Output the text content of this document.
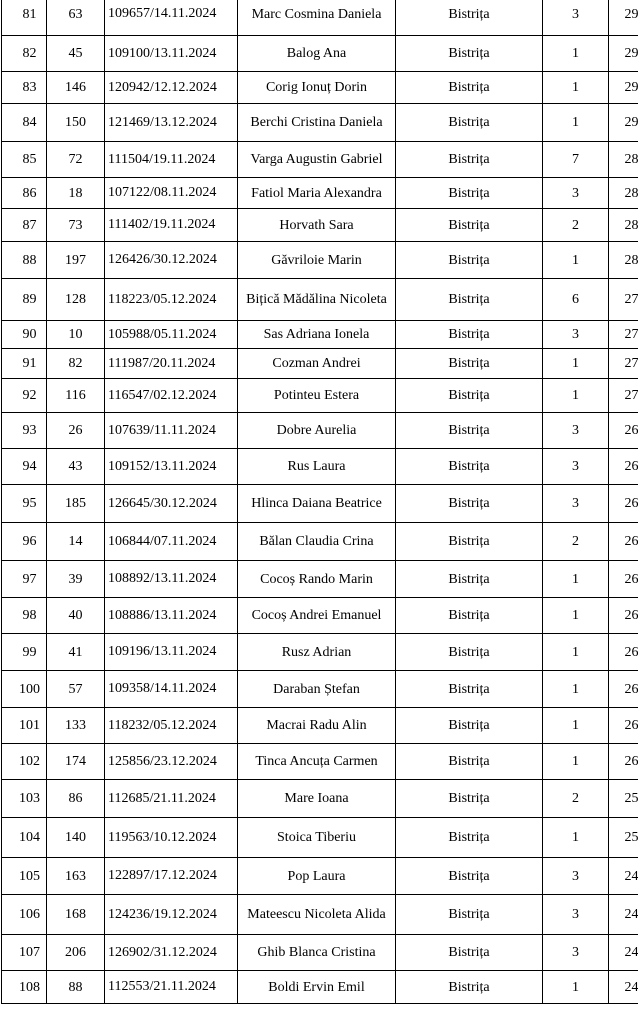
81	63	109657/14.11.2024	Marc Cosmina Daniela	Bistrița	3	29
82	45	109100/13.11.2024	Balog Ana	Bistrița	1	29
83	146	120942/12.12.2024	Corig Ionuț Dorin	Bistrița	1	29
84	150	121469/13.12.2024	Berchi Cristina Daniela	Bistrița	1	29
85	72	111504/19.11.2024	Varga Augustin Gabriel	Bistrița	7	28
86	18	107122/08.11.2024	Fatiol Maria Alexandra	Bistrița	3	28
87	73	111402/19.11.2024	Horvath Sara	Bistrița	2	28
88	197	126426/30.12.2024	Găvriloie Marin	Bistrița	1	28
89	128	118223/05.12.2024	Bițică Mădălina Nicoleta	Bistrița	6	27
90	10	105988/05.11.2024	Sas Adriana Ionela	Bistrița	3	27
91	82	111987/20.11.2024	Cozman Andrei	Bistrița	1	27
92	116	116547/02.12.2024	Potinteu Estera	Bistrița	1	27
93	26	107639/11.11.2024	Dobre Aurelia	Bistrița	3	26
94	43	109152/13.11.2024	Rus Laura	Bistrița	3	26
95	185	126645/30.12.2024	Hlinca Daiana Beatrice	Bistrița	3	26
96	14	106844/07.11.2024	Bălan Claudia Crina	Bistrița	2	26
97	39	108892/13.11.2024	Cocoș Rando Marin	Bistrița	1	26
98	40	108886/13.11.2024	Cocoș Andrei Emanuel	Bistrița	1	26
99	41	109196/13.11.2024	Rusz Adrian	Bistrița	1	26
100	57	109358/14.11.2024	Daraban Ștefan	Bistrița	1	26
101	133	118232/05.12.2024	Macrai Radu Alin	Bistrița	1	26
102	174	125856/23.12.2024	Tinca Ancuța Carmen	Bistrița	1	26
103	86	112685/21.11.2024	Mare Ioana	Bistrița	2	25
104	140	119563/10.12.2024	Stoica Tiberiu	Bistrița	1	25
105	163	122897/17.12.2024	Pop Laura	Bistrița	3	24
106	168	124236/19.12.2024	Mateescu Nicoleta Alida	Bistrița	3	24
107	206	126902/31.12.2024	Ghib Blanca Cristina	Bistrița	3	24
108	88	112553/21.11.2024	Boldi Ervin Emil	Bistrița	1	24
